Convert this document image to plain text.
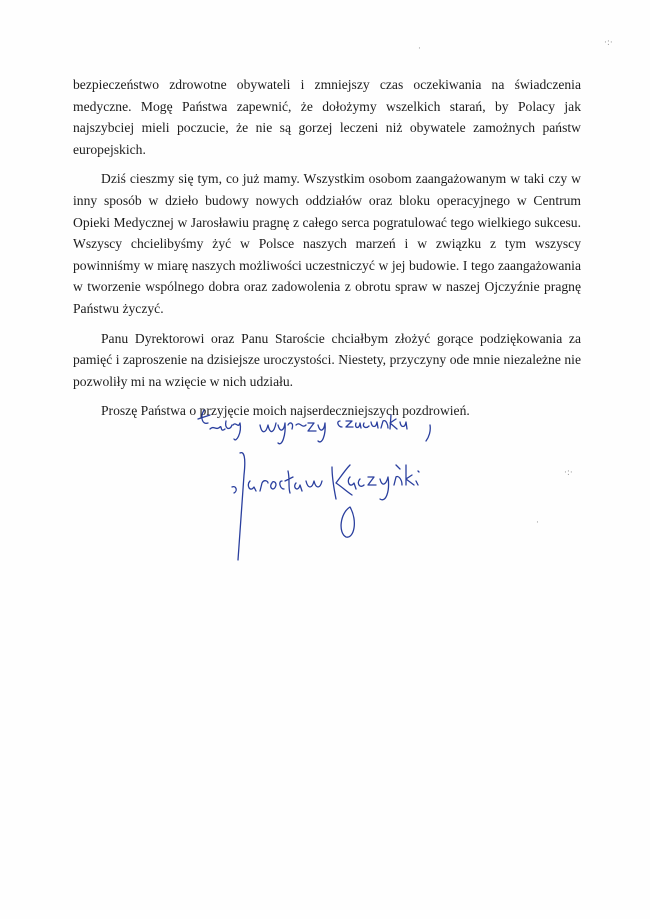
bezpieczeństwo zdrowotne obywateli i zmniejszy czas oczekiwania na świadczenia medyczne. Mogę Państwa zapewnić, że dołożymy wszelkich starań, by Polacy jak najszybciej mieli poczucie, że nie są gorzej leczeni niż obywatele zamożnych państw europejskich.

Dziś cieszmy się tym, co już mamy. Wszystkim osobom zaangażowanym w taki czy w inny sposób w dzieło budowy nowych oddziałów oraz bloku operacyjnego w Centrum Opieki Medycznej w Jarosławiu pragnę z całego serca pogratulować tego wielkiego sukcesu. Wszyscy chcielibyśmy żyć w Polsce naszych marzeń i w związku z tym wszyscy powinniśmy w miarę naszych możliwości uczestniczyć w jej budowie. I tego zaangażowania w tworzenie wspólnego dobra oraz zadowolenia z obrotu spraw w naszej Ojczyźnie pragnę Państwu życzyć.

Panu Dyrektorowi oraz Panu Staroście chciałbym złożyć gorące podziękowania za pamięć i zaproszenie na dzisiejsze uroczystości. Niestety, przyczyny ode mnie niezależne nie pozwoliły mi na wzięcie w nich udziału.

Proszę Państwa o przyjęcie moich najserdeczniejszych pozdrowień.

·:·
·
·:·
·
